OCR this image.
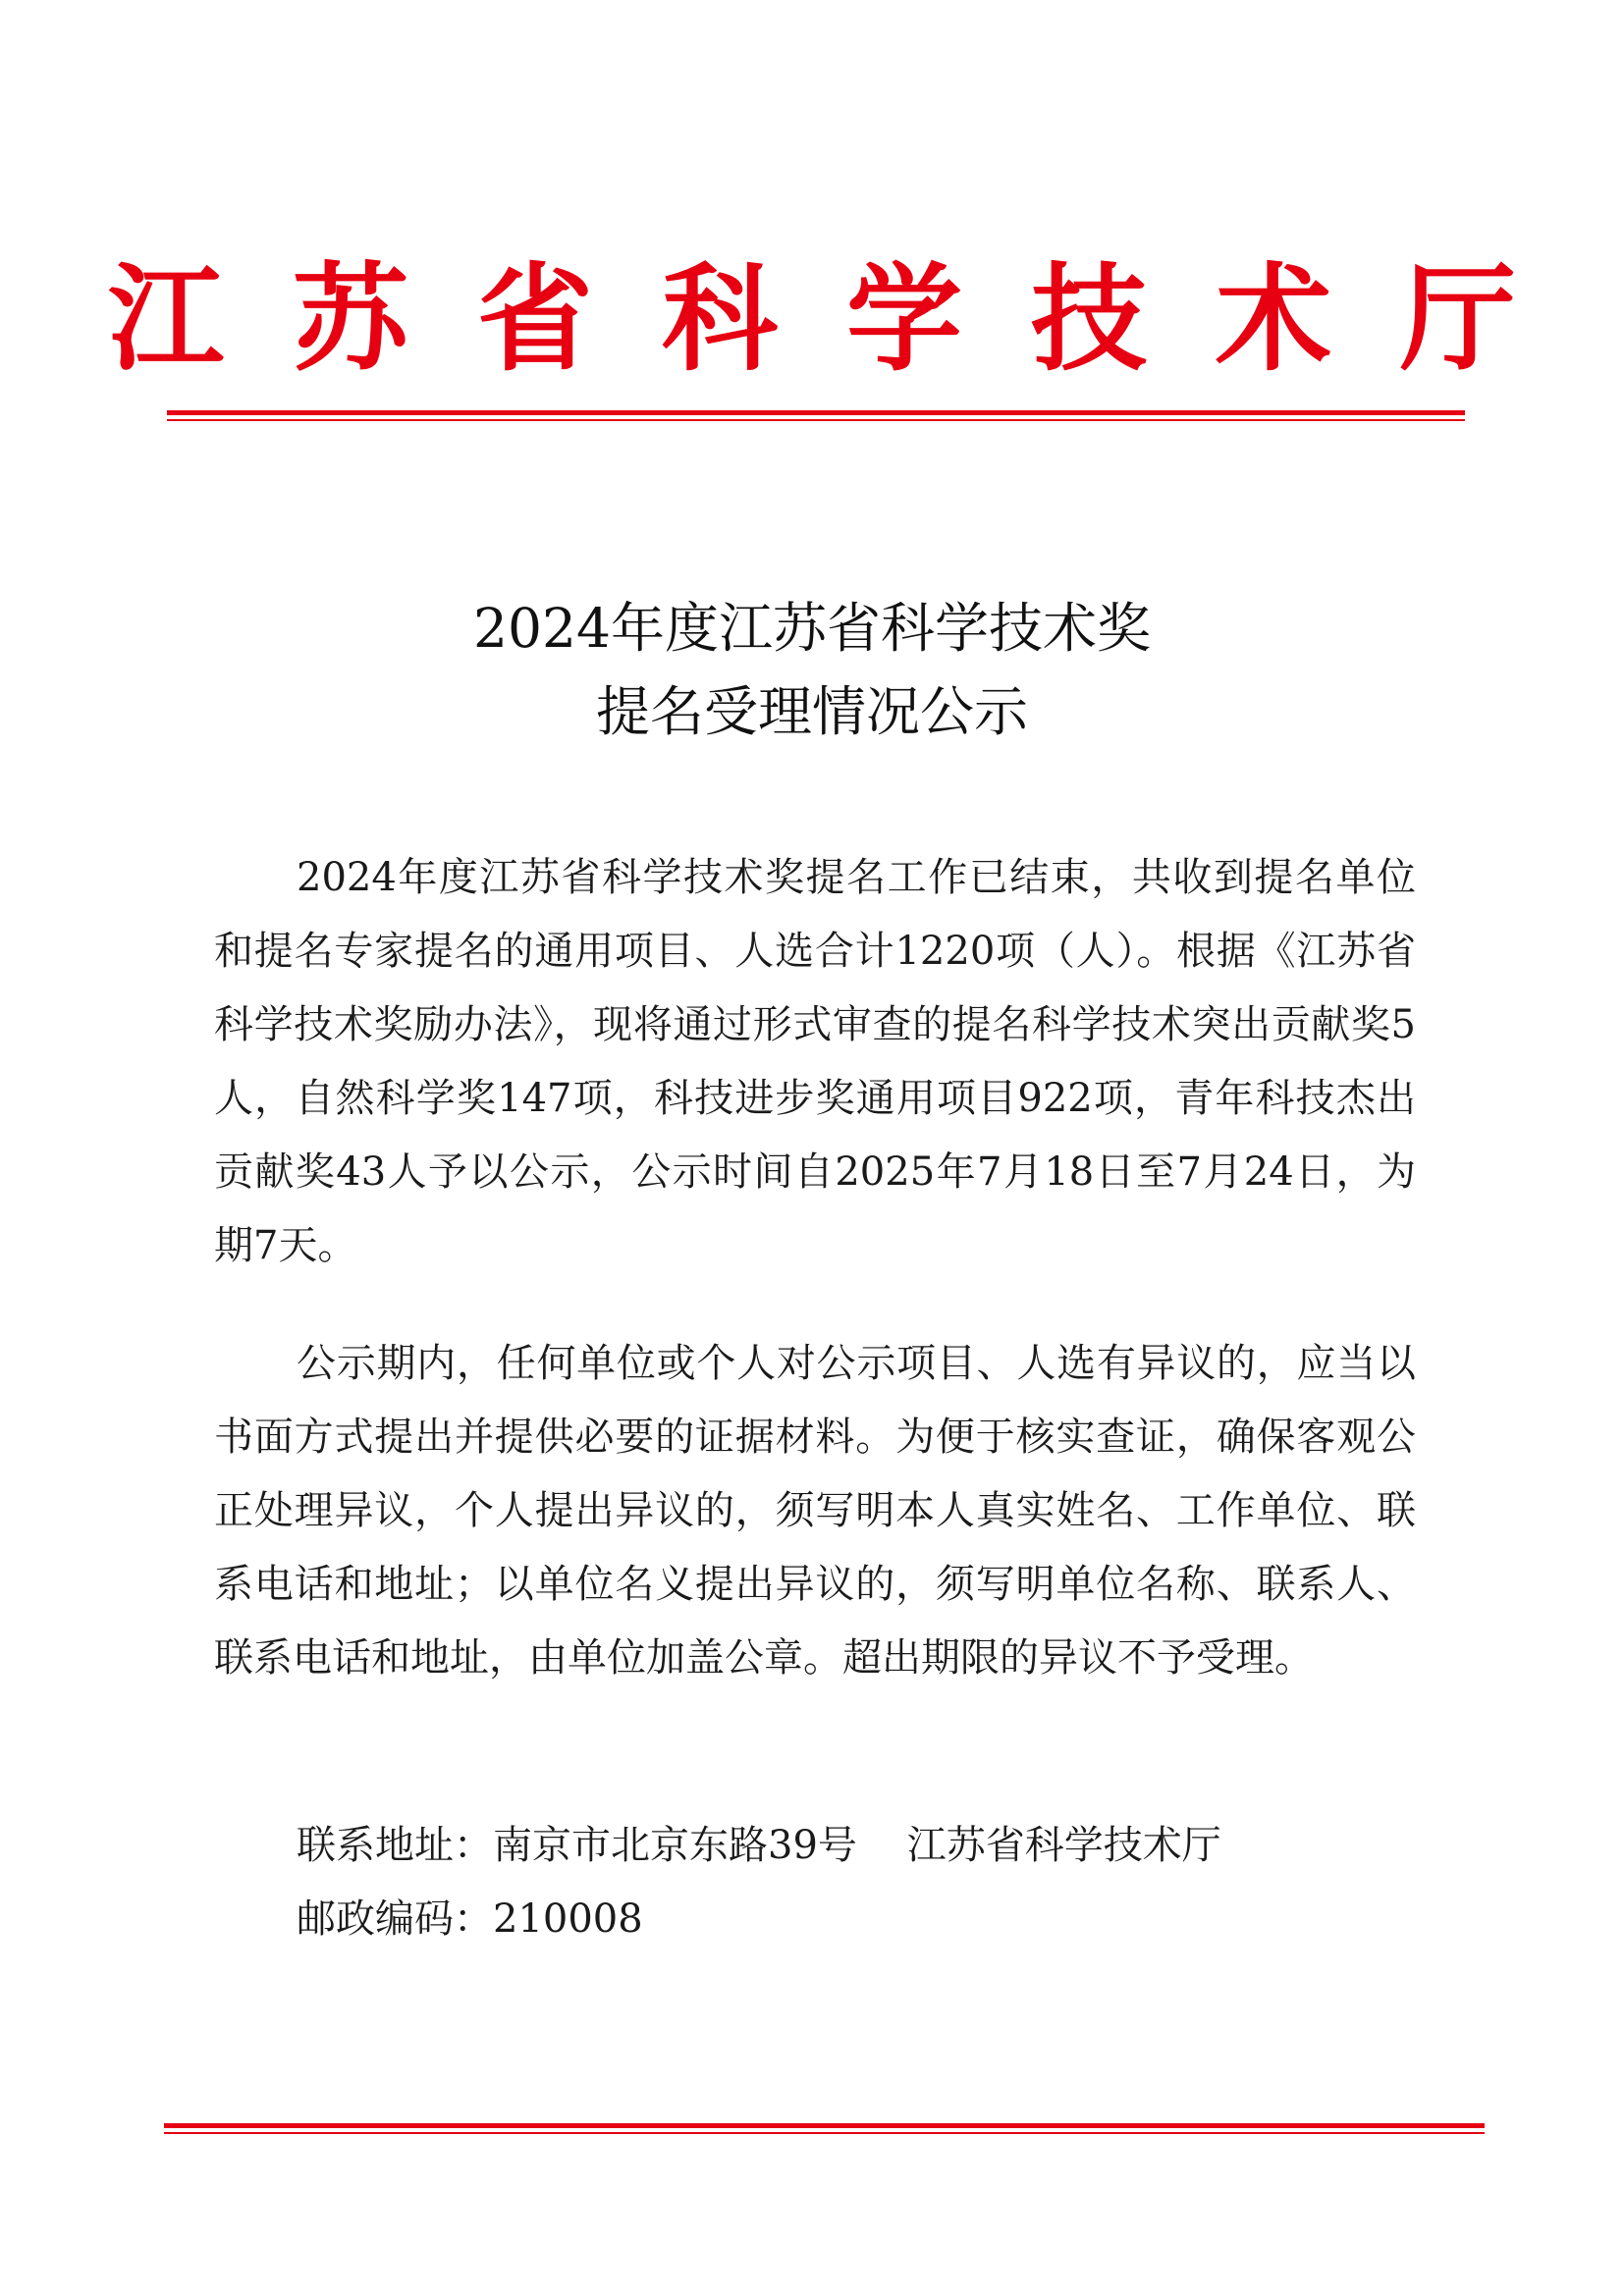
江苏省科学技术厅
2024年度江苏省科学技术奖
提名受理情况公示
2024年度江苏省科学技术奖提名工作已结束，共收到提名单位和提名专家提名的通用项目、人选合计1220项（人）。根据《江苏省科学技术奖励办法》，现将通过形式审查的提名科学技术突出贡献奖5人，自然科学奖147项，科技进步奖通用项目922项，青年科技杰出贡献奖43人予以公示，公示时间自2025年7月18日至7月24日，为期7天。
公示期内，任何单位或个人对公示项目、人选有异议的，应当以书面方式提出并提供必要的证据材料。为便于核实查证，确保客观公正处理异议，个人提出异议的，须写明本人真实姓名、工作单位、联系电话和地址；以单位名义提出异议的，须写明单位名称、联系人、联系电话和地址，由单位加盖公章。超出期限的异议不予受理。
联系地址：南京市北京东路39号    江苏省科学技术厅
邮政编码：210008
